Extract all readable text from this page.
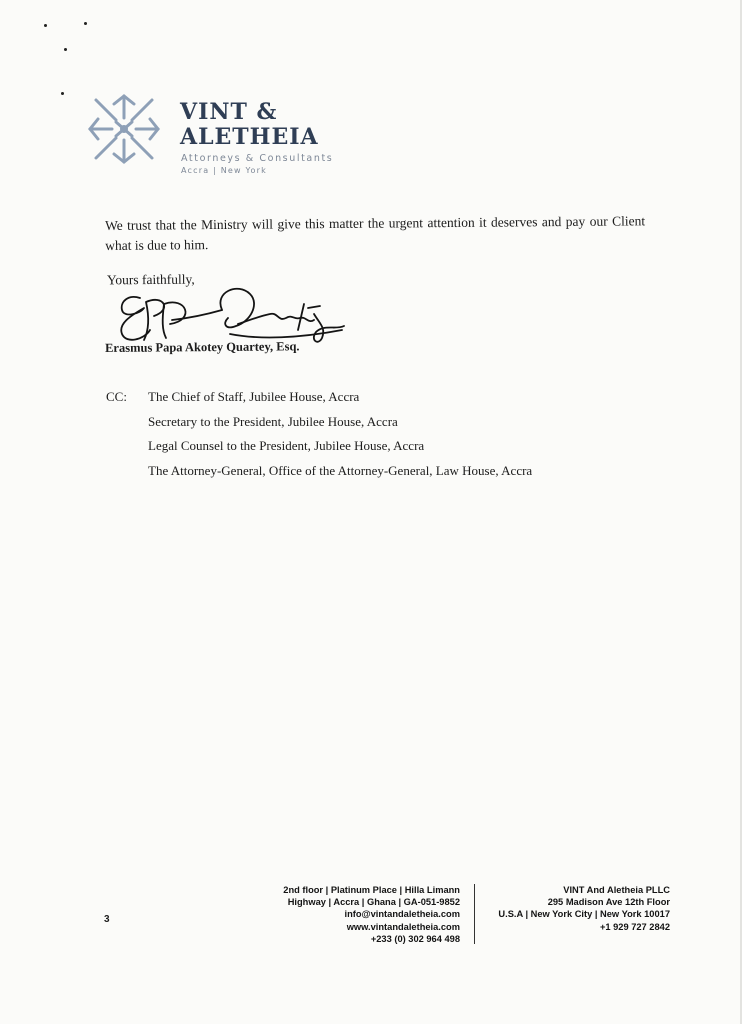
VINT &
ALETHEIA
Attorneys & Consultants
Accra | New York
We trust that the Ministry will give this matter the urgent attention it deserves and pay our Client what is due to him.
Yours faithfully,
Erasmus Papa Akotey Quartey, Esq.
CC: The Chief of Staff, Jubilee House, Accra
Secretary to the President, Jubilee House, Accra
Legal Counsel to the President, Jubilee House, Accra
The Attorney-General, Office of the Attorney-General, Law House, Accra
3
2nd floor | Platinum Place | Hilla Limann
Highway | Accra | Ghana | GA-051-9852
info@vintandaletheia.com
www.vintandaletheia.com
+233 (0) 302 964 498
VINT And Aletheia PLLC
295 Madison Ave 12th Floor
U.S.A | New York City | New York 10017
+1 929 727 2842
